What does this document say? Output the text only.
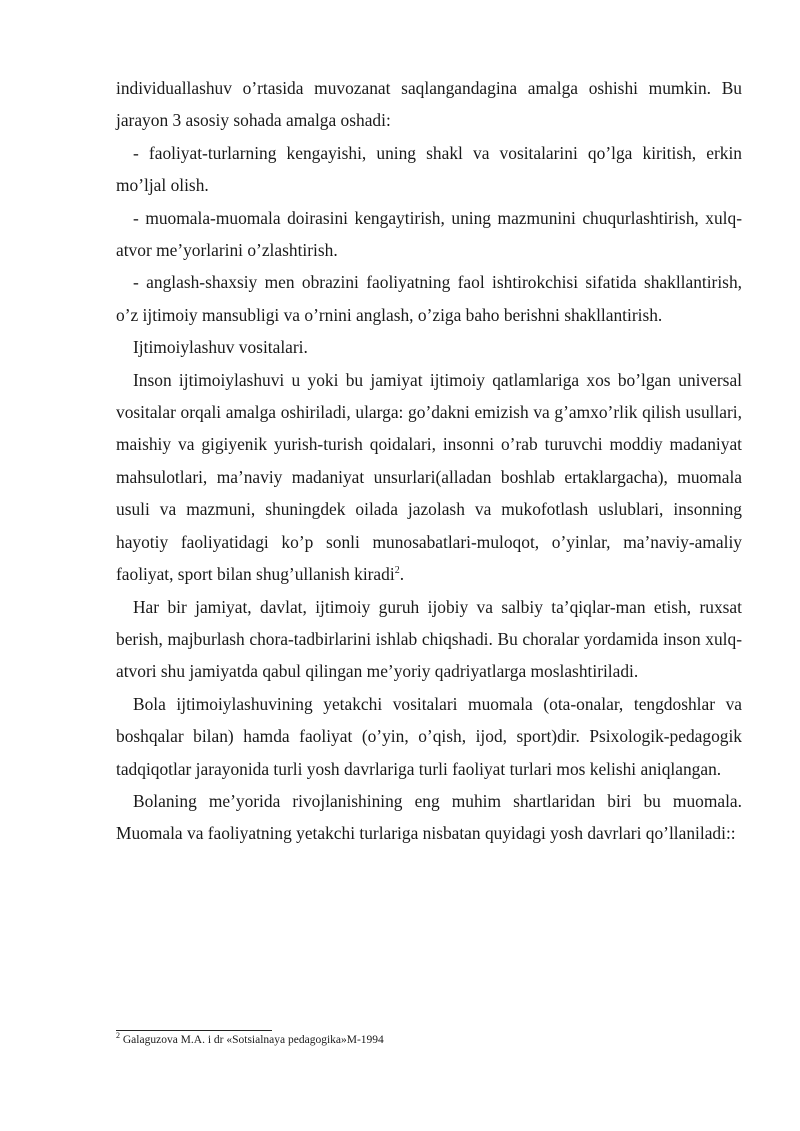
individuallashuv o’rtasida muvozanat saqlangandagina amalga oshishi mumkin. Bu jarayon 3 asosiy sohada amalga oshadi:

- faoliyat-turlarning kengayishi, uning shakl va vositalarini qo’lga kiritish, erkin mo’ljal olish.

- muomala-muomala doirasini kengaytirish, uning mazmunini chuqurlashtirish, xulq-atvor me’yorlarini o’zlashtirish.

- anglash-shaxsiy men obrazini faoliyatning faol ishtirokchisi sifatida shakllantirish, o’z ijtimoiy mansubligi va o’rnini anglash, o’ziga baho berishni shakllantirish.

Ijtimoiylashuv vositalari.

Inson ijtimoiylashuvi u yoki bu jamiyat ijtimoiy qatlamlariga xos bo’lgan universal vositalar orqali amalga oshiriladi, ularga: go’dakni emizish va g’amxo’rlik qilish usullari, maishiy va gigiyenik yurish-turish qoidalari, insonni o’rab turuvchi moddiy madaniyat mahsulotlari, ma’naviy madaniyat unsurlari(alladan boshlab ertaklargacha), muomala usuli va mazmuni, shuningdek oilada jazolash va mukofotlash uslublari, insonning hayotiy faoliyatidagi ko’p sonli munosabatlari-muloqot, o’yinlar, ma’naviy-amaliy faoliyat, sport bilan shug’ullanish kiradi$^2$.

Har bir jamiyat, davlat, ijtimoiy guruh ijobiy va salbiy ta’qiqlar-man etish, ruxsat berish, majburlash chora-tadbirlarini ishlab chiqshadi. Bu choralar yordamida inson xulq-atvori shu jamiyatda qabul qilingan me’yoriy qadriyatlarga moslashtiriladi.

Bola ijtimoiylashuvining yetakchi vositalari muomala (ota-onalar, tengdoshlar va boshqalar bilan) hamda faoliyat (o’yin, o’qish, ijod, sport)dir. Psixologik-pedagogik tadqiqotlar jarayonida turli yosh davrlariga turli faoliyat turlari mos kelishi aniqlangan.

Bolaning me’yorida rivojlanishining eng muhim shartlaridan biri bu muomala. Muomala va faoliyatning yetakchi turlariga nisbatan quyidagi yosh davrlari qo’llaniladi::

$^2$ Galaguzova M.A. i dr «Sotsialnaya pedagogika»M-1994
